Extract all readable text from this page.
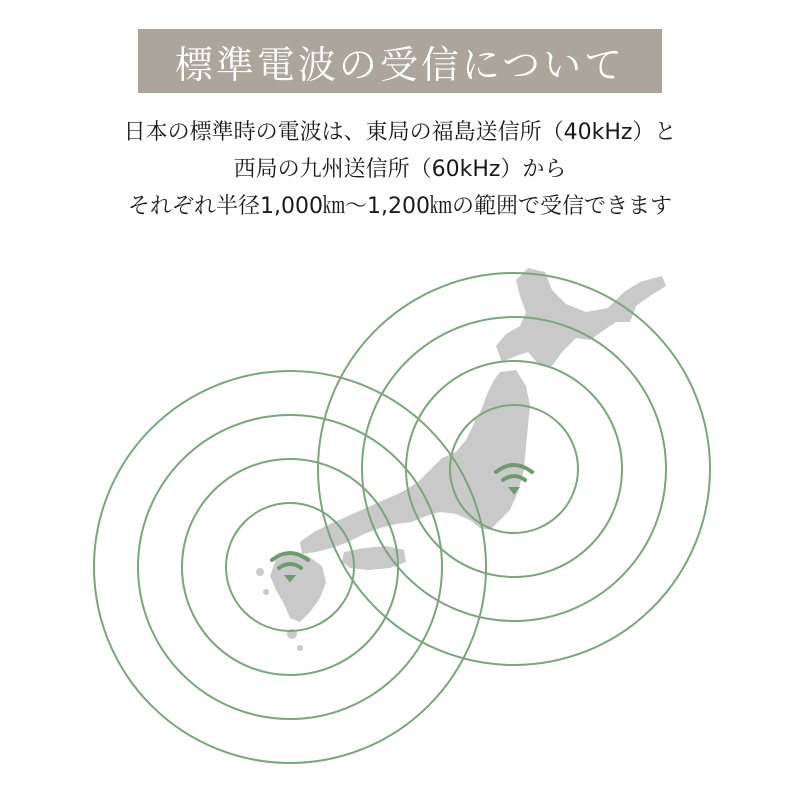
標準電波の受信について
日本の標準時の電波は、東局の福島送信所（40kHz）と
西局の九州送信所（60kHz）から
それぞれ半径1,000㎞～1,200㎞の範囲で受信できます
